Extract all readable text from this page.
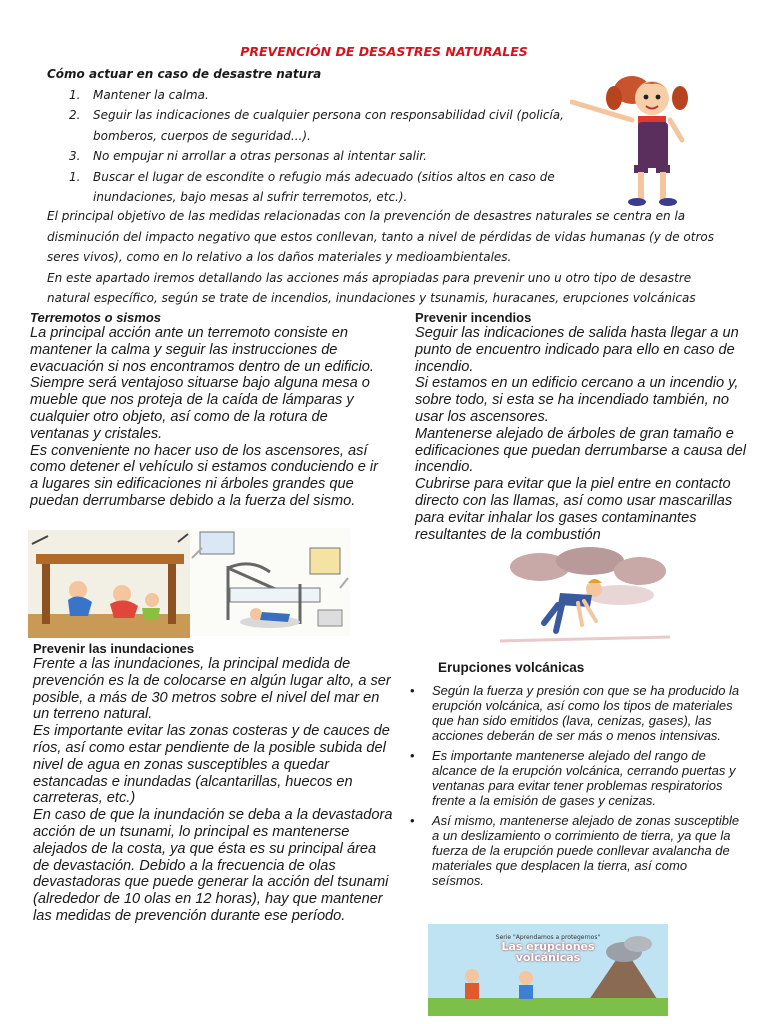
PREVENCIÓN DE DESASTRES NATURALES
Cómo actuar en caso de desastre natura
1. Mantener la calma.
2. Seguir las indicaciones de cualquier persona con responsabilidad civil (policía, bomberos, cuerpos de seguridad...).
3. No empujar ni arrollar a otras personas al intentar salir.
1. Buscar el lugar de escondite o refugio más adecuado (sitios altos en caso de inundaciones, bajo mesas al sufrir terremotos, etc.).

El principal objetivo de las medidas relacionadas con la prevención de desastres naturales se centra en la disminución del impacto negativo que estos conllevan, tanto a nivel de pérdidas de vidas humanas (y de otros seres vivos), como en lo relativo a los daños materiales y medioambientales.

En este apartado iremos detallando las acciones más apropiadas para prevenir uno u otro tipo de desastre natural específico, según se trate de incendios, inundaciones y tsunamis, huracanes, erupciones volcánicas

Terremotos o sismos

La principal acción ante un terremoto consiste en mantener la calma y seguir las instrucciones de evacuación si nos encontramos dentro de un edificio.

Siempre será ventajoso situarse bajo alguna mesa o mueble que nos proteja de la caída de lámparas y cualquier otro objeto, así como de la rotura de ventanas y cristales.

Es conveniente no hacer uso de los ascensores, así como detener el vehículo si estamos conduciendo e ir a lugares sin edificaciones ni árboles grandes que puedan derrumbarse debido a la fuerza del sismo.

Prevenir incendios

Seguir las indicaciones de salida hasta llegar a un punto de encuentro indicado para ello en caso de incendio.

Si estamos en un edificio cercano a un incendio y, sobre todo, si esta se ha incendiado también, no usar los ascensores.

Mantenerse alejado de árboles de gran tamaño e edificaciones que puedan derrumbarse a causa del incendio.

Cubrirse para evitar que la piel entre en contacto directo con las llamas, así como usar mascarillas para evitar inhalar los gases contaminantes resultantes de la combustión

Prevenir las inundaciones

Frente a las inundaciones, la principal medida de prevención es la de colocarse en algún lugar alto, a ser posible, a más de 30 metros sobre el nivel del mar en un terreno natural.

Es importante evitar las zonas costeras y de cauces de ríos, así como estar pendiente de la posible subida del nivel de agua en zonas susceptibles a quedar estancadas e inundadas (alcantarillas, huecos en carreteras, etc.)

En caso de que la inundación se deba a la devastadora acción de un tsunami, lo principal es mantenerse alejados de la costa, ya que ésta es su principal área de devastación. Debido a la frecuencia de olas devastadoras que puede generar la acción del tsunami (alrededor de 10 olas en 12 horas), hay que mantener las medidas de prevención durante ese período.

Erupciones volcánicas
• Según la fuerza y presión con que se ha producido la erupción volcánica, así como los tipos de materiales que han sido emitidos (lava, cenizas, gases), las acciones deberán de ser más o menos intensivas.
• Es importante mantenerse alejado del rango de alcance de la erupción volcánica, cerrando puertas y ventanas para evitar tener problemas respiratorios frente a la emisión de gases y cenizas.
• Así mismo, mantenerse alejado de zonas susceptible a un deslizamiento o corrimiento de tierra, ya que la fuerza de la erupción puede conllevar avalancha de materiales que desplacen la tierra, así como seísmos.
Serie "Aprendamos a protegernos"
Las erupciones
volcánicas
